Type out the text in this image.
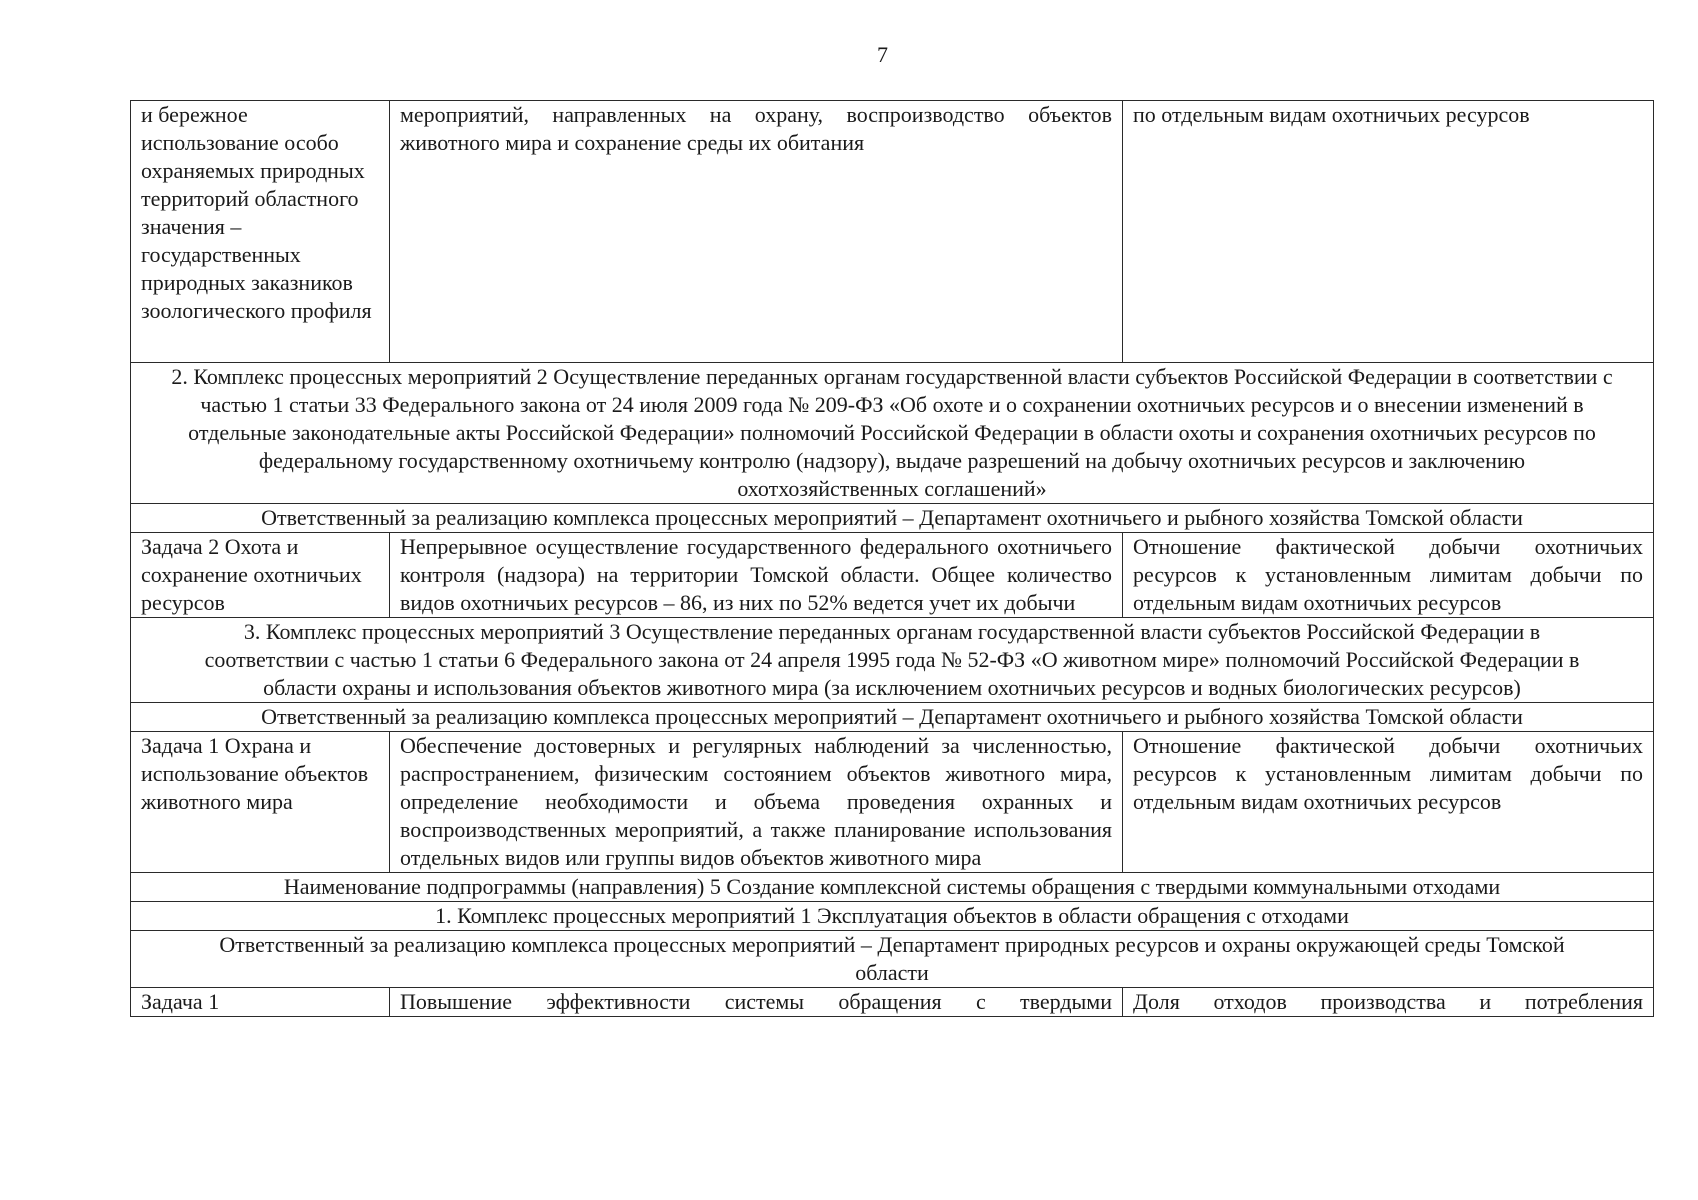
7
и бережное использование особо охраняемых природных территорий областного значения – государственных природных заказников зоологического профиля	мероприятий, направленных на охрану, воспроизводство объектов животного мира и сохранение среды их обитания	по отдельным видам охотничьих ресурсов
2. Комплекс процессных мероприятий 2 Осуществление переданных органам государственной власти субъектов Российской Федерации в соответствии с частью 1 статьи 33 Федерального закона от 24 июля 2009 года № 209-ФЗ «Об охоте и о сохранении охотничьих ресурсов и о внесении изменений в отдельные законодательные акты Российской Федерации» полномочий Российской Федерации в области охоты и сохранения охотничьих ресурсов по федеральному государственному охотничьему контролю (надзору), выдаче разрешений на добычу охотничьих ресурсов и заключению охотхозяйственных соглашений»		
Ответственный за реализацию комплекса процессных мероприятий – Департамент охотничьего и рыбного хозяйства Томской области		
Задача 2 Охота и сохранение охотничьих ресурсов	Непрерывное осуществление государственного федерального охотничьего контроля (надзора) на территории Томской области. Общее количество видов охотничьих ресурсов – 86, из них по 52% ведется учет их добычи	Отношение фактической добычи охотничьих ресурсов к установленным лимитам добычи по отдельным видам охотничьих ресурсов
3. Комплекс процессных мероприятий 3 Осуществление переданных органам государственной власти субъектов Российской Федерации в соответствии с частью 1 статьи 6 Федерального закона от 24 апреля 1995 года № 52-ФЗ «О животном мире» полномочий Российской Федерации в области охраны и использования объектов животного мира (за исключением охотничьих ресурсов и водных биологических ресурсов)		
Ответственный за реализацию комплекса процессных мероприятий – Департамент охотничьего и рыбного хозяйства Томской области		
Задача 1 Охрана и использование объектов животного мира	Обеспечение достоверных и регулярных наблюдений за численностью, распространением, физическим состоянием объектов животного мира, определение необходимости и объема проведения охранных и воспроизводственных мероприятий, а также планирование использования отдельных видов или группы видов объектов животного мира	Отношение фактической добычи охотничьих ресурсов к установленным лимитам добычи по отдельным видам охотничьих ресурсов
Наименование подпрограммы (направления) 5 Создание комплексной системы обращения с твердыми коммунальными отходами		
1. Комплекс процессных мероприятий 1 Эксплуатация объектов в области обращения с отходами		
Ответственный за реализацию комплекса процессных мероприятий – Департамент природных ресурсов и охраны окружающей среды Томской области		
Задача 1	Повышение эффективности системы обращения с твердыми	Доля отходов производства и потребления
